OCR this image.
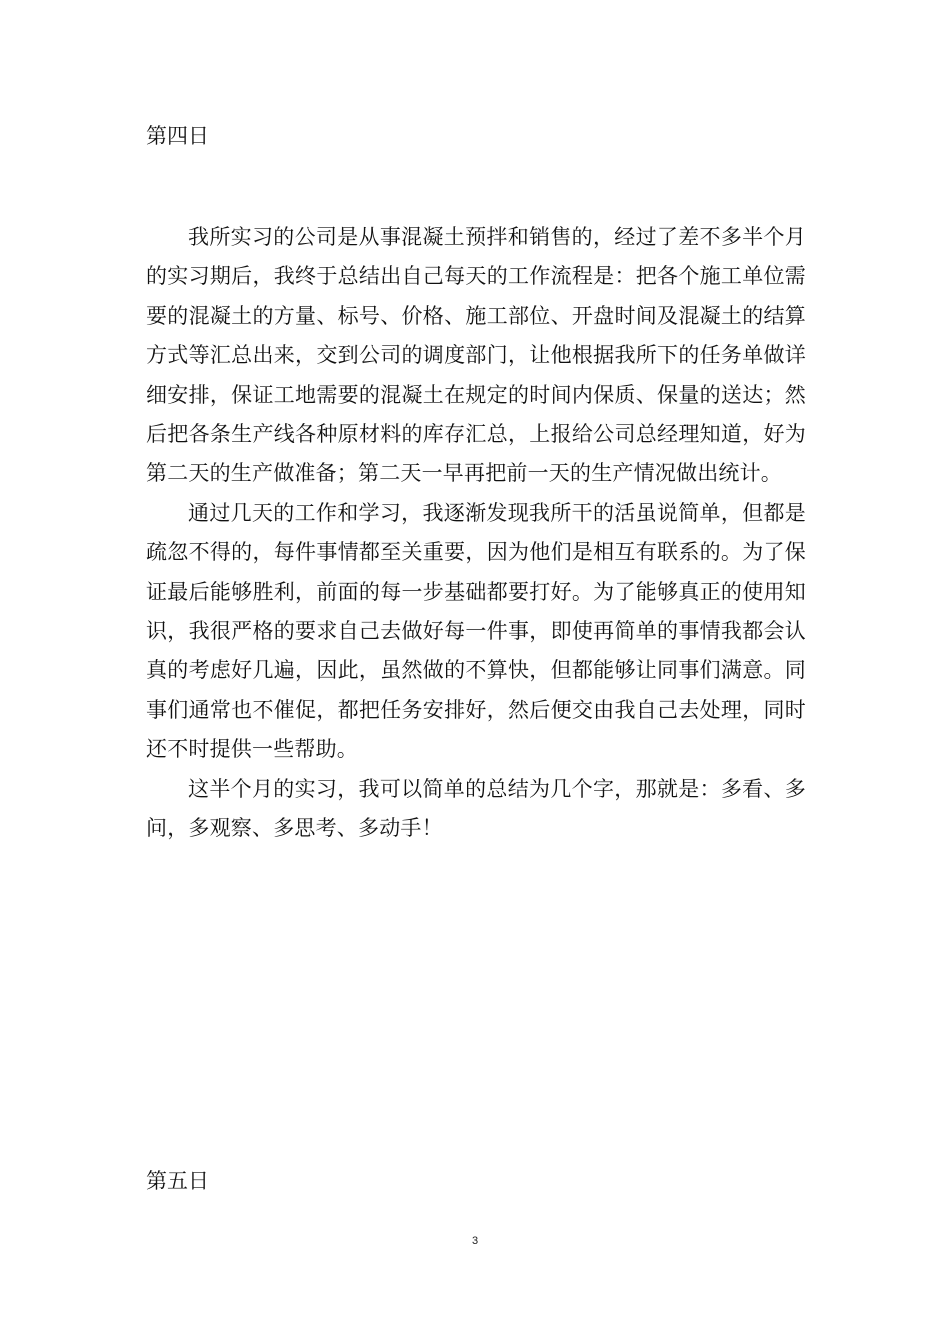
第四日

我所实习的公司是从事混凝土预拌和销售的，经过了差不多半个月的实习期后，我终于总结出自己每天的工作流程是：把各个施工单位需要的混凝土的方量、标号、价格、施工部位、开盘时间及混凝土的结算方式等汇总出来，交到公司的调度部门，让他根据我所下的任务单做详细安排，保证工地需要的混凝土在规定的时间内保质、保量的送达；然后把各条生产线各种原材料的库存汇总，上报给公司总经理知道，好为第二天的生产做准备；第二天一早再把前一天的生产情况做出统计。

通过几天的工作和学习，我逐渐发现我所干的活虽说简单，但都是疏忽不得的，每件事情都至关重要，因为他们是相互有联系的。为了保证最后能够胜利，前面的每一步基础都要打好。为了能够真正的使用知识，我很严格的要求自己去做好每一件事，即使再简单的事情我都会认真的考虑好几遍，因此，虽然做的不算快，但都能够让同事们满意。同事们通常也不催促，都把任务安排好，然后便交由我自己去处理，同时还不时提供一些帮助。

这半个月的实习，我可以简单的总结为几个字，那就是：多看、多问，多观察、多思考、多动手！

第五日
3
